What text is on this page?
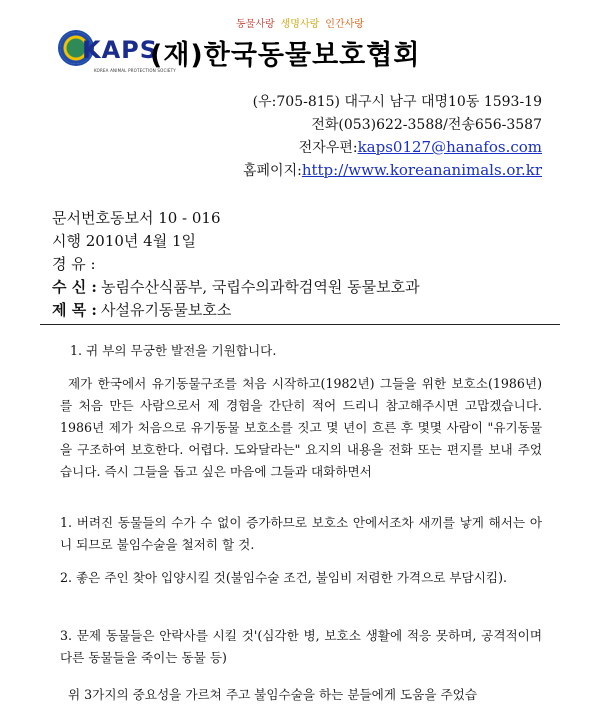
동물사랑 생명사랑 인간사랑
KAPS
KOREA ANIMAL PROTECTION SOCIETY
(재)한국동물보호협회
(우:705-815) 대구시 남구 대명10동 1593-19
전화(053)622-3588/전송656-3587
전자우편:kaps0127@hanafos.com
홈페이지:http://www.koreananimals.or.kr
문서번호동보서 10 - 016
시행 2010년 4월 1일
경 유 :
수 신 : 농림수산식품부, 국립수의과학검역원 동물보호과
제 목 : 사설유기동물보호소

1. 귀 부의 무궁한 발전을 기원합니다.

제가 한국에서 유기동물구조를 처음 시작하고(1982년) 그들을 위한 보호소(1986년)를 처음 만든 사람으로서 제 경험을 간단히 적어 드리니 참고해주시면 고맙겠습니다. 1986년 제가 처음으로 유기동물 보호소를 짓고 몇 년이 흐른 후 몇몇 사람이 "유기동물을 구조하여 보호한다. 어렵다. 도와달라는" 요지의 내용을 전화 또는 편지를 보내 주었습니다. 즉시 그들을 돕고 싶은 마음에 그들과 대화하면서

1. 버려진 동물들의 수가 수 없이 증가하므로 보호소 안에서조차 새끼를 낳게 해서는 아니 되므로 불임수술을 철저히 할 것.

2. 좋은 주인 찾아 입양시킬 것(불임수술 조건, 불임비 저렴한 가격으로 부담시킴).

3. 문제 동물들은 안락사를 시킬 것'(심각한 병, 보호소 생활에 적응 못하며, 공격적이며 다른 동물들을 죽이는 동물 등)

위 3가지의 중요성을 가르쳐 주고 불임수술을 하는 분들에게 도움을 주었습
